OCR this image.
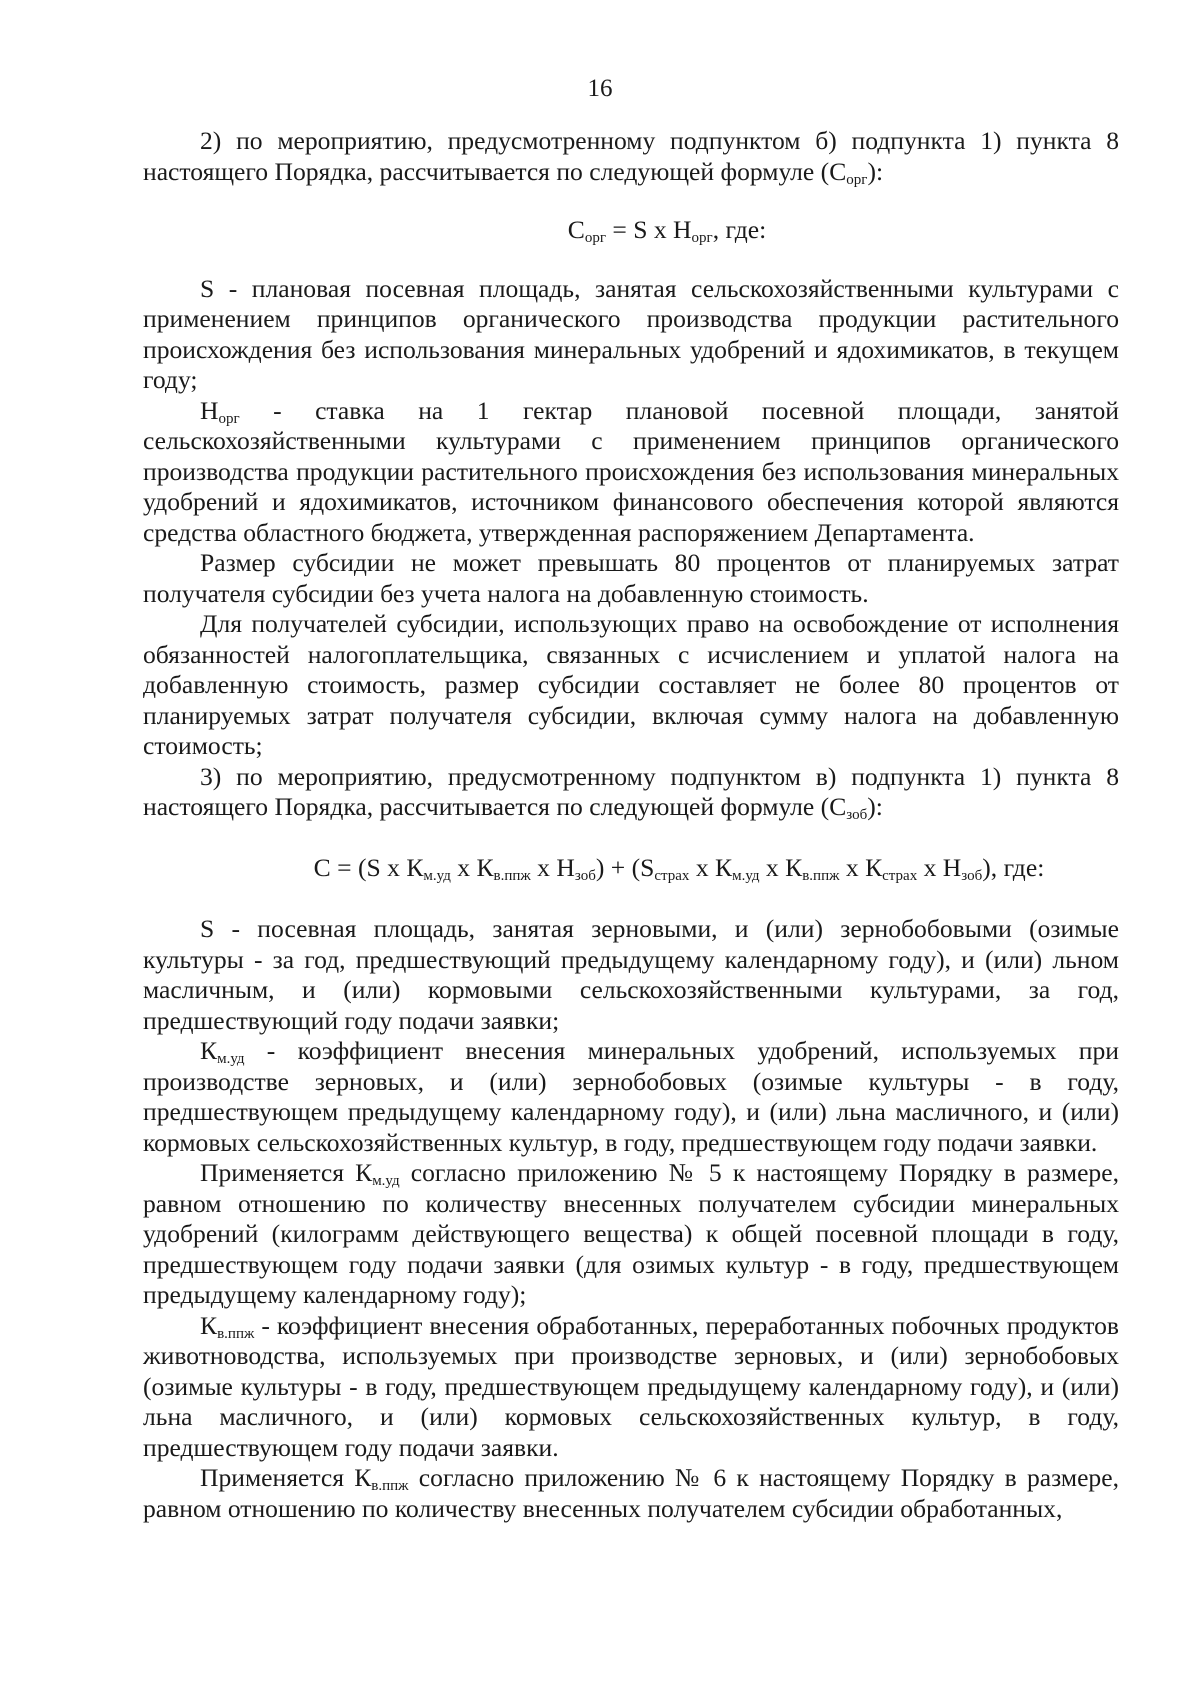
16

2) по мероприятию, предусмотренному подпунктом б) подпункта 1) пункта 8 настоящего Порядка, рассчитывается по следующей формуле $(С_{орг})$:

$С_{орг} = S$ х $Н_{орг}$, где:

S - плановая посевная площадь, занятая сельскохозяйственными культурами с применением принципов органического производства продукции растительного происхождения без использования минеральных удобрений и ядохимикатов, в текущем году;

$Н_{орг}$ - ставка на 1 гектар плановой посевной площади, занятой сельскохозяйственными культурами с применением принципов органического производства продукции растительного происхождения без использования минеральных удобрений и ядохимикатов, источником финансового обеспечения которой являются средства областного бюджета, утвержденная распоряжением Департамента.

Размер субсидии не может превышать 80 процентов от планируемых затрат получателя субсидии без учета налога на добавленную стоимость.

Для получателей субсидии, использующих право на освобождение от исполнения обязанностей налогоплательщика, связанных с исчислением и уплатой налога на добавленную стоимость, размер субсидии составляет не более 80 процентов от планируемых затрат получателя субсидии, включая сумму налога на добавленную стоимость;

3) по мероприятию, предусмотренному подпунктом в) подпункта 1) пункта 8 настоящего Порядка, рассчитывается по следующей формуле $(С_{зоб})$:

С = (S х $К_{м.уд}$ х $К_{в.ппж}$ х $Н_{зоб}) + (S_{страх}$ х $К_{м.уд}$ х $К_{в.ппж}$ х $К_{страх}$ х $Н_{зоб}$), где:

S - посевная площадь, занятая зерновыми, и (или) зернобобовыми (озимые культуры - за год, предшествующий предыдущему календарному году), и (или) льном масличным, и (или) кормовыми сельскохозяйственными культурами, за год, предшествующий году подачи заявки;

$К_{м.уд}$ - коэффициент внесения минеральных удобрений, используемых при производстве зерновых, и (или) зернобобовых (озимые культуры - в году, предшествующем предыдущему календарному году), и (или) льна масличного, и (или) кормовых сельскохозяйственных культур, в году, предшествующем году подачи заявки.

Применяется $К_{м.уд}$ согласно приложению № 5 к настоящему Порядку в размере, равном отношению по количеству внесенных получателем субсидии минеральных удобрений (килограмм действующего вещества) к общей посевной площади в году, предшествующем году подачи заявки (для озимых культур - в году, предшествующем предыдущему календарному году);

$К_{в.ппж}$ - коэффициент внесения обработанных, переработанных побочных продуктов животноводства, используемых при производстве зерновых, и (или) зернобобовых (озимые культуры - в году, предшествующем предыдущему календарному году), и (или) льна масличного, и (или) кормовых сельскохозяйственных культур, в году, предшествующем году подачи заявки.

Применяется $К_{в.ппж}$ согласно приложению № 6 к настоящему Порядку в размере, равном отношению по количеству внесенных получателем субсидии обработанных,
